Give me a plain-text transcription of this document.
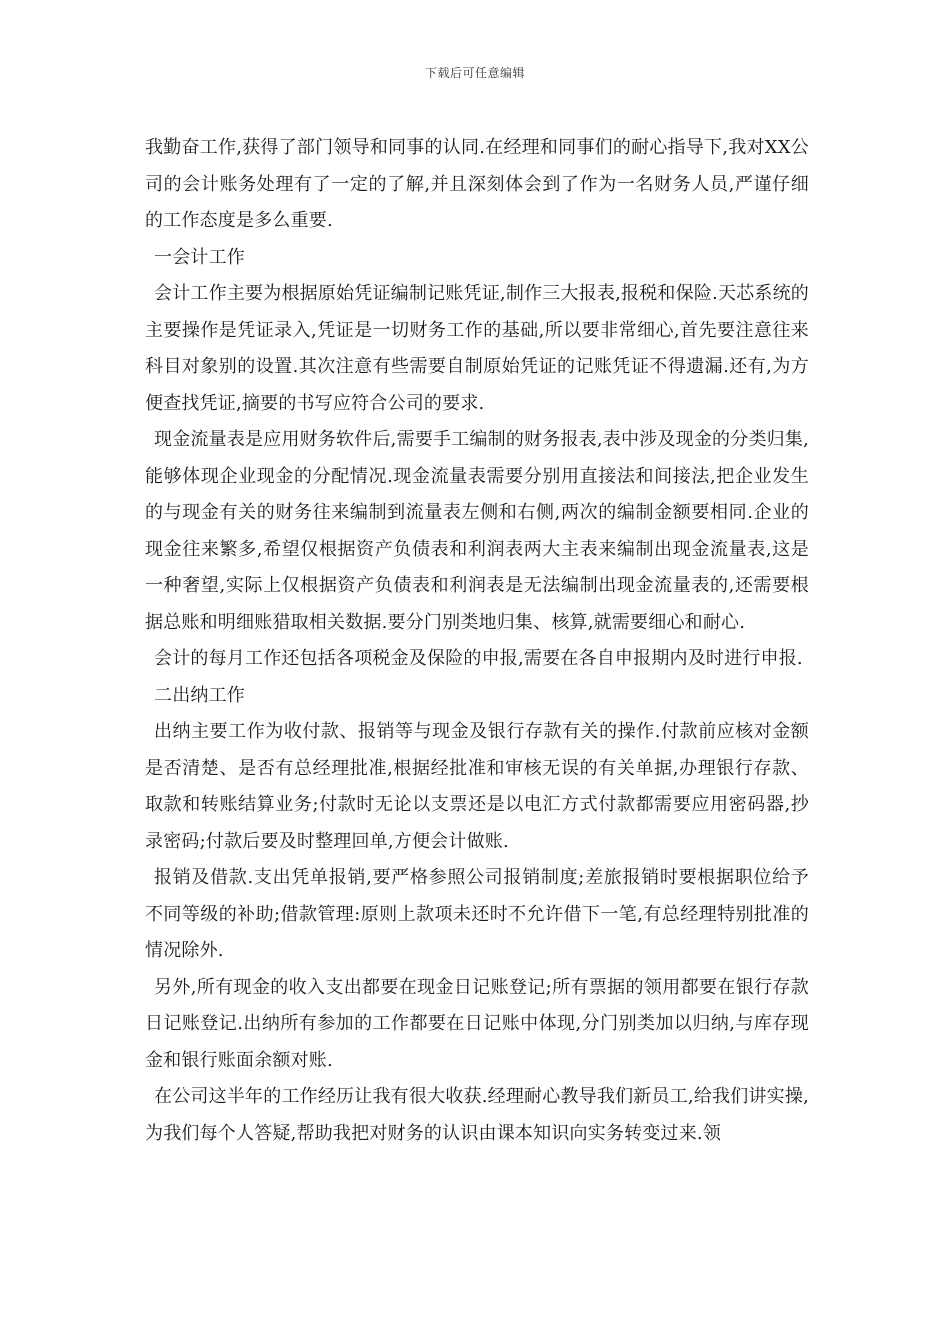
下载后可任意编辑

我勤奋工作,获得了部门领导和同事的认同.在经理和同事们的耐心指导下,我对XX公司的会计账务处理有了一定的了解,并且深刻体会到了作为一名财务人员,严谨仔细的工作态度是多么重要.

一会计工作

会计工作主要为根据原始凭证编制记账凭证,制作三大报表,报税和保险.天芯系统的主要操作是凭证录入,凭证是一切财务工作的基础,所以要非常细心,首先要注意往来科目对象别的设置.其次注意有些需要自制原始凭证的记账凭证不得遗漏.还有,为方便查找凭证,摘要的书写应符合公司的要求.

现金流量表是应用财务软件后,需要手工编制的财务报表,表中涉及现金的分类归集,能够体现企业现金的分配情况.现金流量表需要分别用直接法和间接法,把企业发生的与现金有关的财务往来编制到流量表左侧和右侧,两次的编制金额要相同.企业的现金往来繁多,希望仅根据资产负债表和利润表两大主表来编制出现金流量表,这是一种奢望,实际上仅根据资产负债表和利润表是无法编制出现金流量表的,还需要根据总账和明细账猎取相关数据.要分门别类地归集、核算,就需要细心和耐心.

会计的每月工作还包括各项税金及保险的申报,需要在各自申报期内及时进行申报.

二出纳工作

出纳主要工作为收付款、报销等与现金及银行存款有关的操作.付款前应核对金额是否清楚、是否有总经理批准,根据经批准和审核无误的有关单据,办理银行存款、取款和转账结算业务;付款时无论以支票还是以电汇方式付款都需要应用密码器,抄录密码;付款后要及时整理回单,方便会计做账.

报销及借款.支出凭单报销,要严格参照公司报销制度;差旅报销时要根据职位给予不同等级的补助;借款管理:原则上款项未还时不允许借下一笔,有总经理特别批准的情况除外.

另外,所有现金的收入支出都要在现金日记账登记;所有票据的领用都要在银行存款日记账登记.出纳所有参加的工作都要在日记账中体现,分门别类加以归纳,与库存现金和银行账面余额对账.

在公司这半年的工作经历让我有很大收获.经理耐心教导我们新员工,给我们讲实操,为我们每个人答疑,帮助我把对财务的认识由课本知识向实务转变过来.领
